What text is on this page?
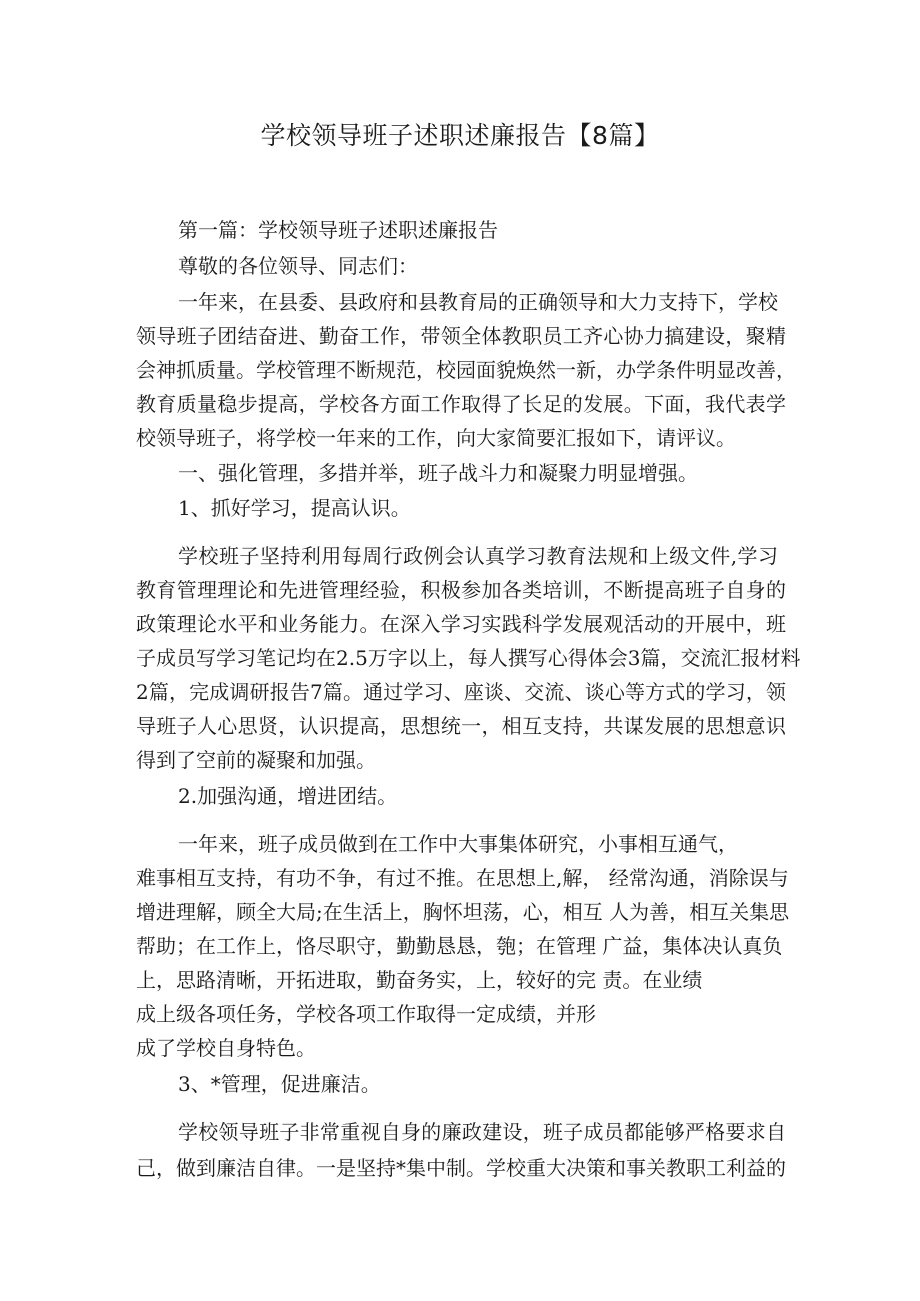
学校领导班子述职述廉报告【8篇】

第一篇：学校领导班子述职述廉报告

尊敬的各位领导、同志们：

一年来，在县委、县政府和县教育局的正确领导和大力支持下，学校

领导班子团结奋进、勤奋工作，带领全体教职员工齐心协力搞建设，聚精

会神抓质量。学校管理不断规范，校园面貌焕然一新，办学条件明显改善，

教育质量稳步提高，学校各方面工作取得了长足的发展。下面，我代表学

校领导班子，将学校一年来的工作，向大家简要汇报如下，请评议。

一、强化管理，多措并举，班子战斗力和凝聚力明显增强。

1、抓好学习，提高认识。

学校班子坚持利用每周行政例会认真学习教育法规和上级文件,学习

教育管理理论和先进管理经验，积极参加各类培训，不断提高班子自身的

政策理论水平和业务能力。在深入学习实践科学发展观活动的开展中，班

子成员写学习笔记均在2.5万字以上，每人撰写心得体会3篇，交流汇报材料

2篇，完成调研报告7篇。通过学习、座谈、交流、谈心等方式的学习，领

导班子人心思贤，认识提高，思想统一，相互支持，共谋发展的思想意识

得到了空前的凝聚和加强。

2.加强沟通，增进团结。

一年来，班子成员做到在工作中大事集体研究，小事相互通气，

难事相互支持，有功不争，有过不推。在思想上,解， 经常沟通，消除误与

增进理解，顾全大局;在生活上，胸怀坦荡，心，相互 人为善，相互关集思

帮助；在工作上，恪尽职守，勤勤恳恳，匏；在管理 广益，集体决认真负

上，思路清晰，开拓进取，勤奋务实，上，较好的完 责。在业绩

成上级各项任务，学校各项工作取得一定成绩，并形

成了学校自身特色。

3、*管理，促进廉洁。

学校领导班子非常重视自身的廉政建设，班子成员都能够严格要求自

己，做到廉洁自律。一是坚持*集中制。学校重大决策和事关教职工利益的
